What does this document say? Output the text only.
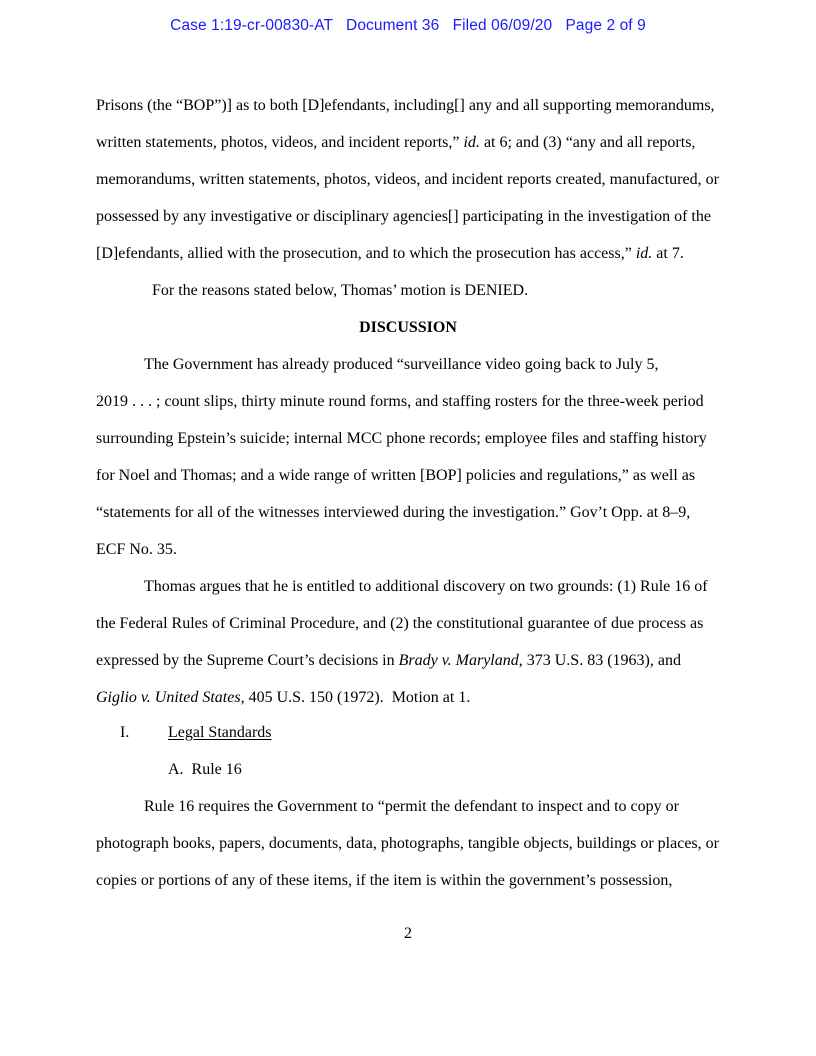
Case 1:19-cr-00830-AT Document 36 Filed 06/09/20 Page 2 of 9
Prisons (the “BOP”)] as to both [D]efendants, including[] any and all supporting memorandums,
written statements, photos, videos, and incident reports,” id. at 6; and (3) “any and all reports,
memorandums, written statements, photos, videos, and incident reports created, manufactured, or
possessed by any investigative or disciplinary agencies[] participating in the investigation of the
[D]efendants, allied with the prosecution, and to which the prosecution has access,” id. at 7.
For the reasons stated below, Thomas’ motion is DENIED.
DISCUSSION
The Government has already produced “surveillance video going back to July 5,
2019 . . . ; count slips, thirty minute round forms, and staffing rosters for the three-week period
surrounding Epstein’s suicide; internal MCC phone records; employee files and staffing history
for Noel and Thomas; and a wide range of written [BOP] policies and regulations,” as well as
“statements for all of the witnesses interviewed during the investigation.” Gov’t Opp. at 8–9,
ECF No. 35.
Thomas argues that he is entitled to additional discovery on two grounds: (1) Rule 16 of
the Federal Rules of Criminal Procedure, and (2) the constitutional guarantee of due process as
expressed by the Supreme Court’s decisions in Brady v. Maryland, 373 U.S. 83 (1963), and
Giglio v. United States, 405 U.S. 150 (1972).  Motion at 1.
I. Legal Standards
A.  Rule 16
Rule 16 requires the Government to “permit the defendant to inspect and to copy or
photograph books, papers, documents, data, photographs, tangible objects, buildings or places, or
copies or portions of any of these items, if the item is within the government’s possession,
2
